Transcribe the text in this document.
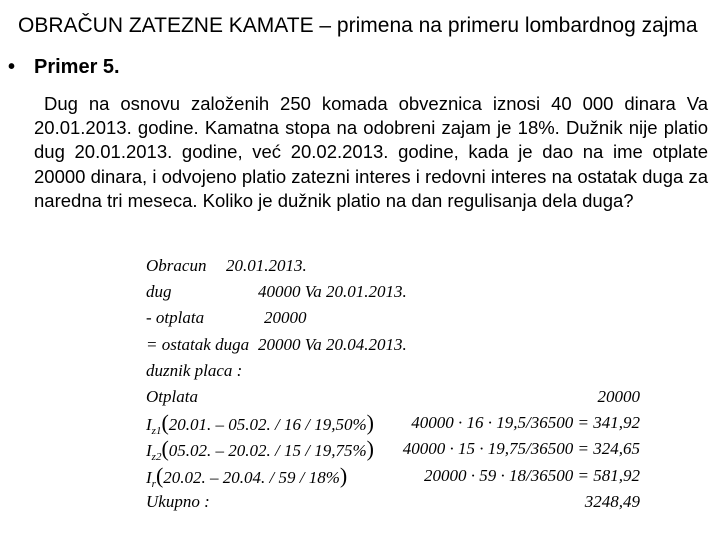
OBRAČUN ZATEZNE KAMATE – primena na primeru lombardnog zajma
• Primer 5.
Dug na osnovu založenih 250 komada obveznica iznosi 40 000 dinara Va 20.01.2013. godine. Kamatna stopa na odobreni zajam je 18%. Dužnik nije platio dug 20.01.2013. godine, već 20.02.2013. godine, kada je dao na ime otplate 20000 dinara, i odvojeno platio zatezni interes i redovni interes na ostatak duga za naredna tri meseca. Koliko je dužnik platio na dan regulisanja dela duga?
Obracun 20.01.2013.
dug	40000 Va 20.01.2013.
- otplata	20000
= ostatak duga 20000 Va 20.04.2013.
duznik placa :
Otplata	20000
$I_{z1}(20.01$. – 05.02. / 16 / 19,50%) 40000 · 16 · 19,5/36500 = 341,92
$I_{z2}(05.02$. – 20.02. / 15 / 19,75%) 40000 · 15 · 19,75/36500 = 324,65
$I_r(20.02$. – 20.04. / 59 / 18%)	20000 · 59 · 18/36500 = 581,92
Ukupno :	3248,49
